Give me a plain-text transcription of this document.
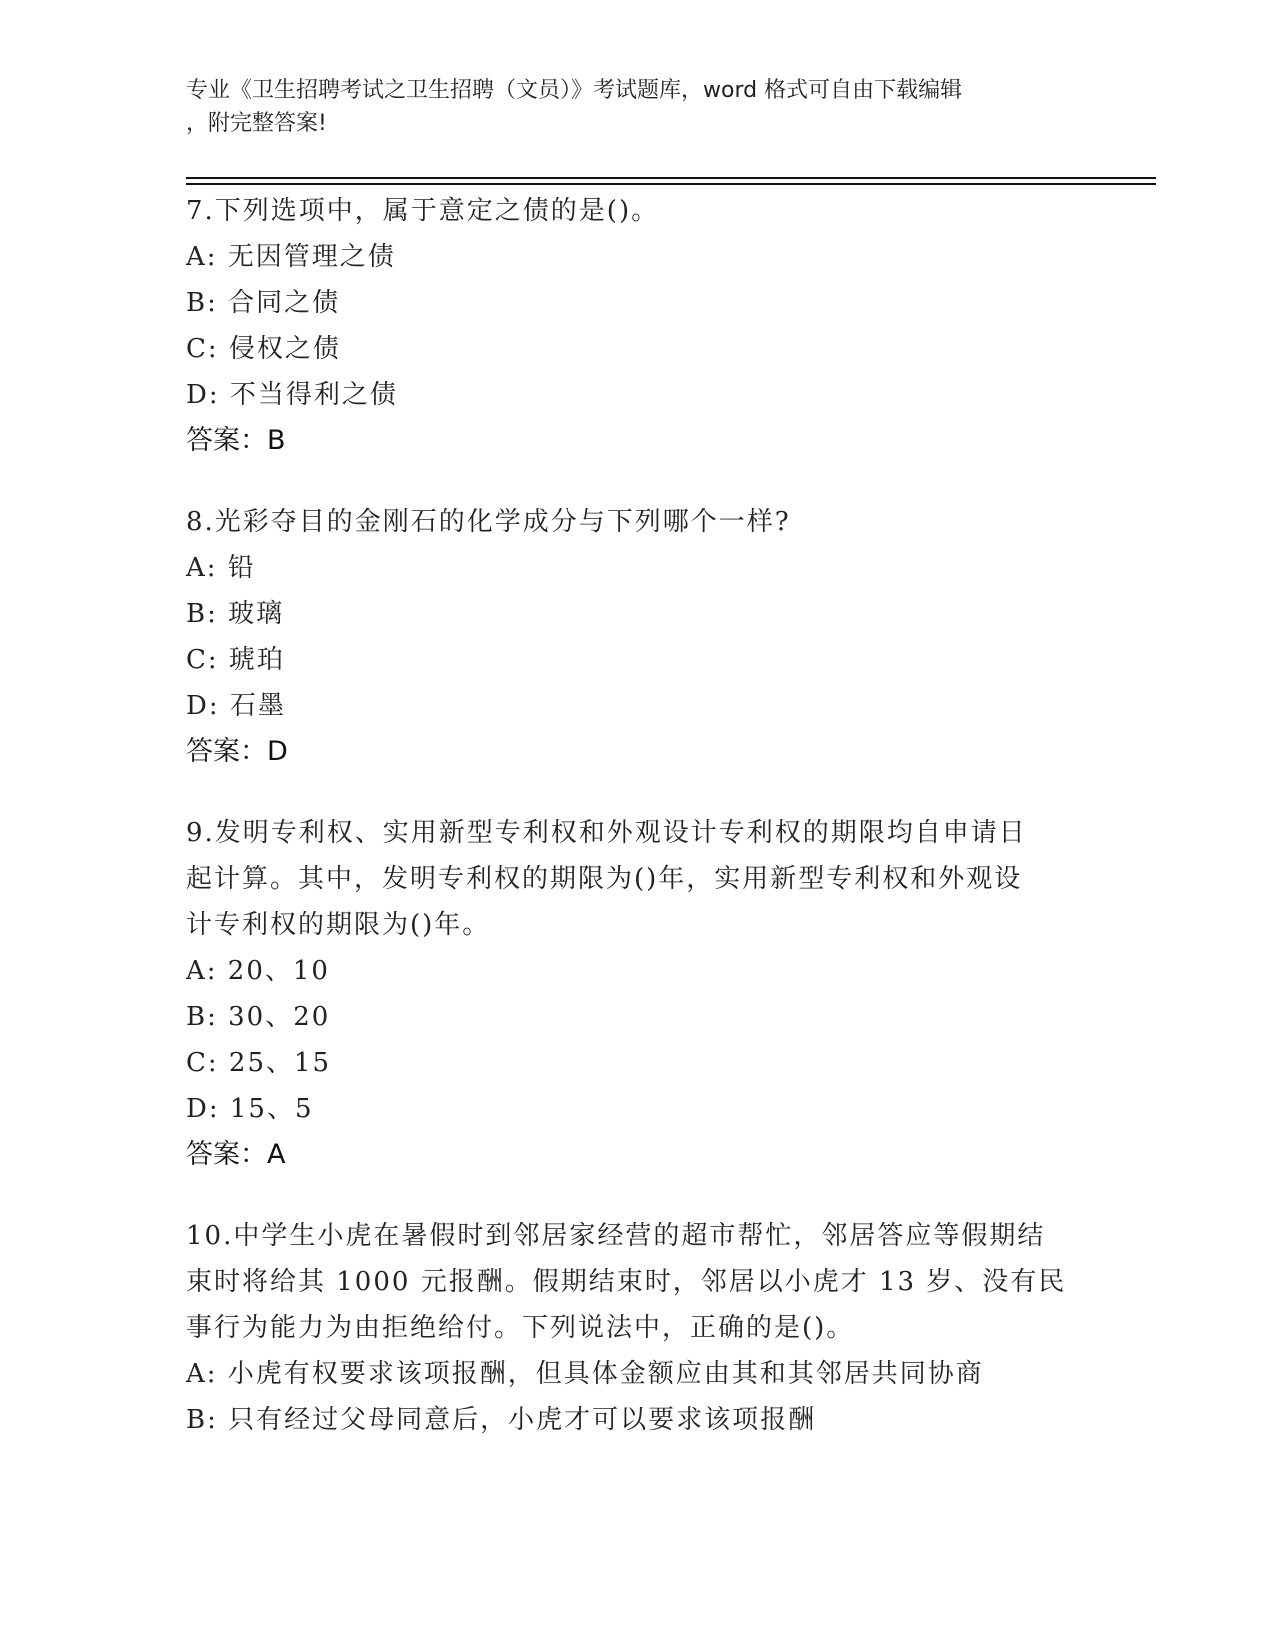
专业《卫生招聘考试之卫生招聘（文员）》考试题库，word 格式可自由下载编辑

，附完整答案!

7.下列选项中，属于意定之债的是()。

A: 无因管理之债

B: 合同之债

C: 侵权之债

D: 不当得利之债

答案：B

8.光彩夺目的金刚石的化学成分与下列哪个一样?

A: 铅

B: 玻璃

C: 琥珀

D: 石墨

答案：D

9.发明专利权、实用新型专利权和外观设计专利权的期限均自申请日

起计算。其中，发明专利权的期限为()年，实用新型专利权和外观设

计专利权的期限为()年。

A: 20、10

B: 30、20

C: 25、15

D: 15、5

答案：A

10.中学生小虎在暑假时到邻居家经营的超市帮忙，邻居答应等假期结

束时将给其 1000 元报酬。假期结束时，邻居以小虎才 13 岁、没有民

事行为能力为由拒绝给付。下列说法中，正确的是()。

A: 小虎有权要求该项报酬，但具体金额应由其和其邻居共同协商

B: 只有经过父母同意后，小虎才可以要求该项报酬
